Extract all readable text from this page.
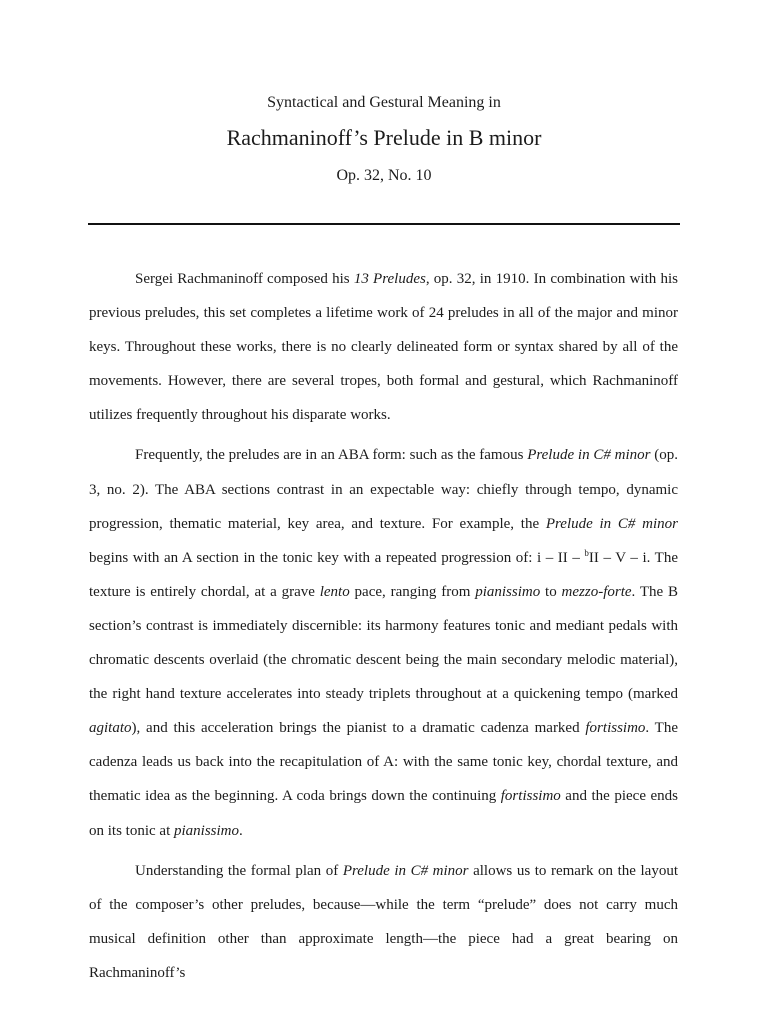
Syntactical and Gestural Meaning in
Rachmaninoff’s Prelude in B minor
Op. 32, No. 10

Sergei Rachmaninoff composed his 13 Preludes, op. 32, in 1910. In combination with his previous preludes, this set completes a lifetime work of 24 preludes in all of the major and minor keys. Throughout these works, there is no clearly delineated form or syntax shared by all of the movements. However, there are several tropes, both formal and gestural, which Rachmaninoff utilizes frequently throughout his disparate works.

Frequently, the preludes are in an ABA form: such as the famous Prelude in C# minor (op. 3, no. 2). The ABA sections contrast in an expectable way: chiefly through tempo, dynamic progression, thematic material, key area, and texture. For example, the Prelude in C# minor begins with an A section in the tonic key with a repeated progression of: i – II – $^b$II – V – i. The texture is entirely chordal, at a grave lento pace, ranging from pianissimo to mezzo-forte. The B section’s contrast is immediately discernible: its harmony features tonic and mediant pedals with chromatic descents overlaid (the chromatic descent being the main secondary melodic material), the right hand texture accelerates into steady triplets throughout at a quickening tempo (marked agitato), and this acceleration brings the pianist to a dramatic cadenza marked fortissimo. The cadenza leads us back into the recapitulation of A: with the same tonic key, chordal texture, and thematic idea as the beginning. A coda brings down the continuing fortissimo and the piece ends on its tonic at pianissimo.

Understanding the formal plan of Prelude in C# minor allows us to remark on the layout of the composer’s other preludes, because—while the term “prelude” does not carry much musical definition other than approximate length—the piece had a great bearing on Rachmaninoff’s
